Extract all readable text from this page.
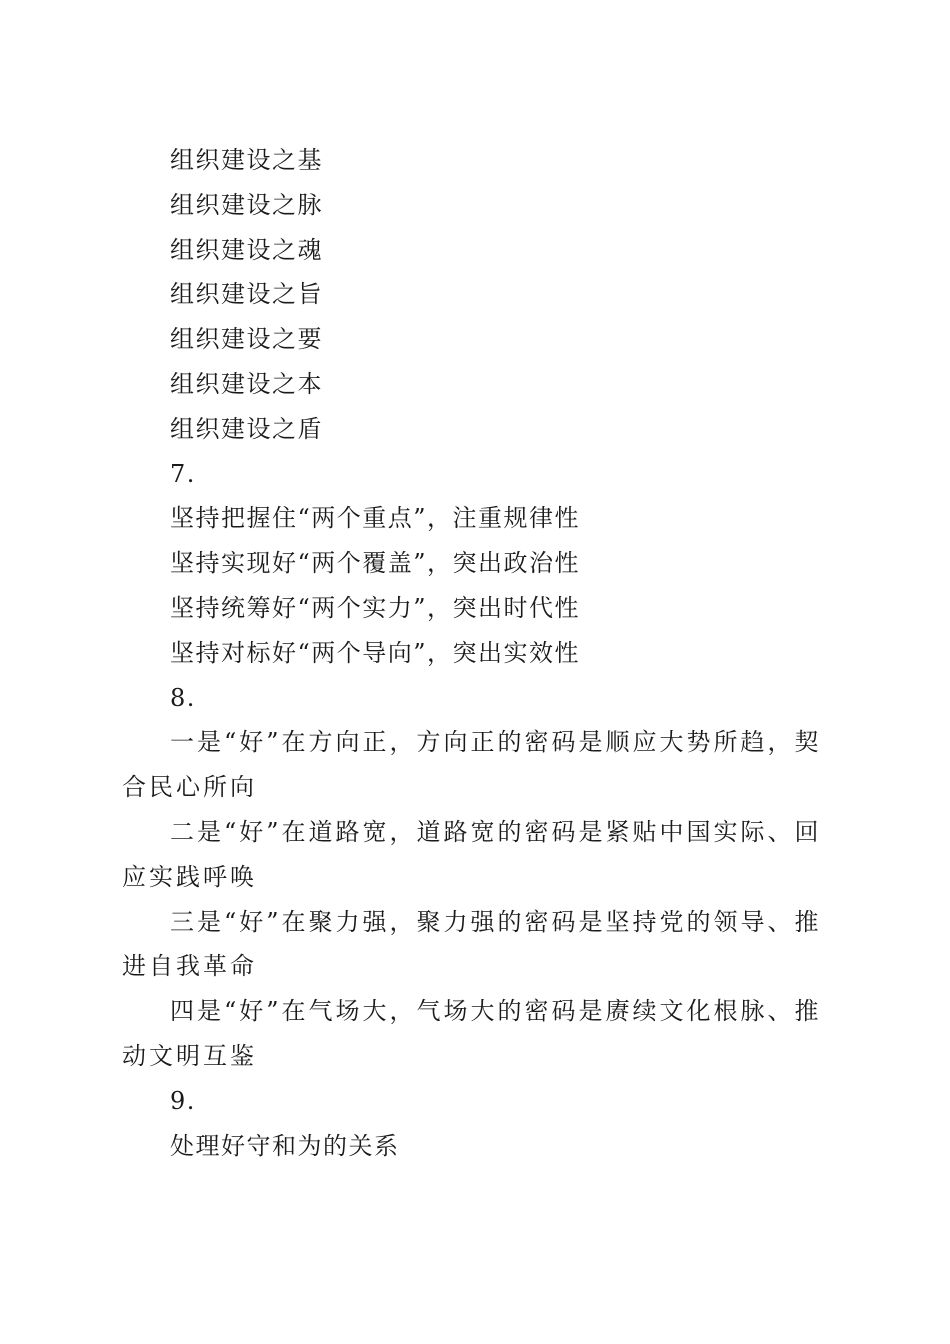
组织建设之基
组织建设之脉
组织建设之魂
组织建设之旨
组织建设之要
组织建设之本
组织建设之盾
7.
坚持把握住“两个重点”，注重规律性
坚持实现好“两个覆盖”，突出政治性
坚持统筹好“两个实力”，突出时代性
坚持对标好“两个导向”，突出实效性
8.
一是“好”在方向正，方向正的密码是顺应大势所趋，契合民心所向
二是“好”在道路宽，道路宽的密码是紧贴中国实际、回应实践呼唤
三是“好”在聚力强，聚力强的密码是坚持党的领导、推进自我革命
四是“好”在气场大，气场大的密码是赓续文化根脉、推动文明互鉴
9.
处理好守和为的关系
